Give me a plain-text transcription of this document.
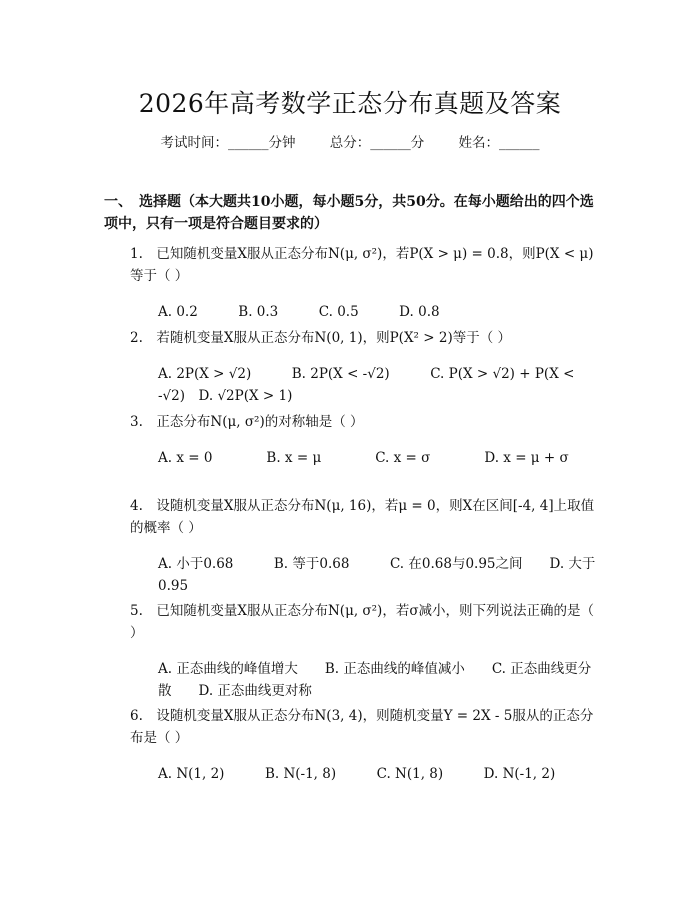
2026年高考数学正态分布真题及答案
考试时间：______分钟	总分：______分	姓名：______
一、　选择题（本大题共10小题，每小题5分，共50分。在每小题给出的四个选项中，只有一项是符合题目要求的）
1.　已知随机变量X服从正态分布N(μ, σ²)，若P(X > μ) = 0.8，则P(X < μ)等于（ ）
A. 0.2　　　B. 0.3　　　C. 0.5　　　D. 0.8
2.　若随机变量X服从正态分布N(0, 1)，则P(X² > 2)等于（ ）
A. 2P(X > √2)　　　B. 2P(X < -√2)　　　C. P(X > √2) + P(X < -√2)　D. √2P(X > 1)
3.　正态分布N(μ, σ²)的对称轴是（ ）
A. x = 0　　　　B. x = μ　　　　C. x = σ　　　　D. x = μ + σ
4.　设随机变量X服从正态分布N(μ, 16)，若μ = 0，则X在区间[-4, 4]上取值的概率（ ）
A. 小于0.68　　　B. 等于0.68　　　C. 在0.68与0.95之间　　D. 大于0.95
5.　已知随机变量X服从正态分布N(μ, σ²)，若σ减小，则下列说法正确的是（ ）
A. 正态曲线的峰值增大　　B. 正态曲线的峰值减小　　C. 正态曲线更分散　　D. 正态曲线更对称
6.　设随机变量X服从正态分布N(3, 4)，则随机变量Y = 2X - 5服从的正态分布是（ ）
A. N(1, 2)　　　B. N(-1, 8)　　　C. N(1, 8)　　　D. N(-1, 2)
